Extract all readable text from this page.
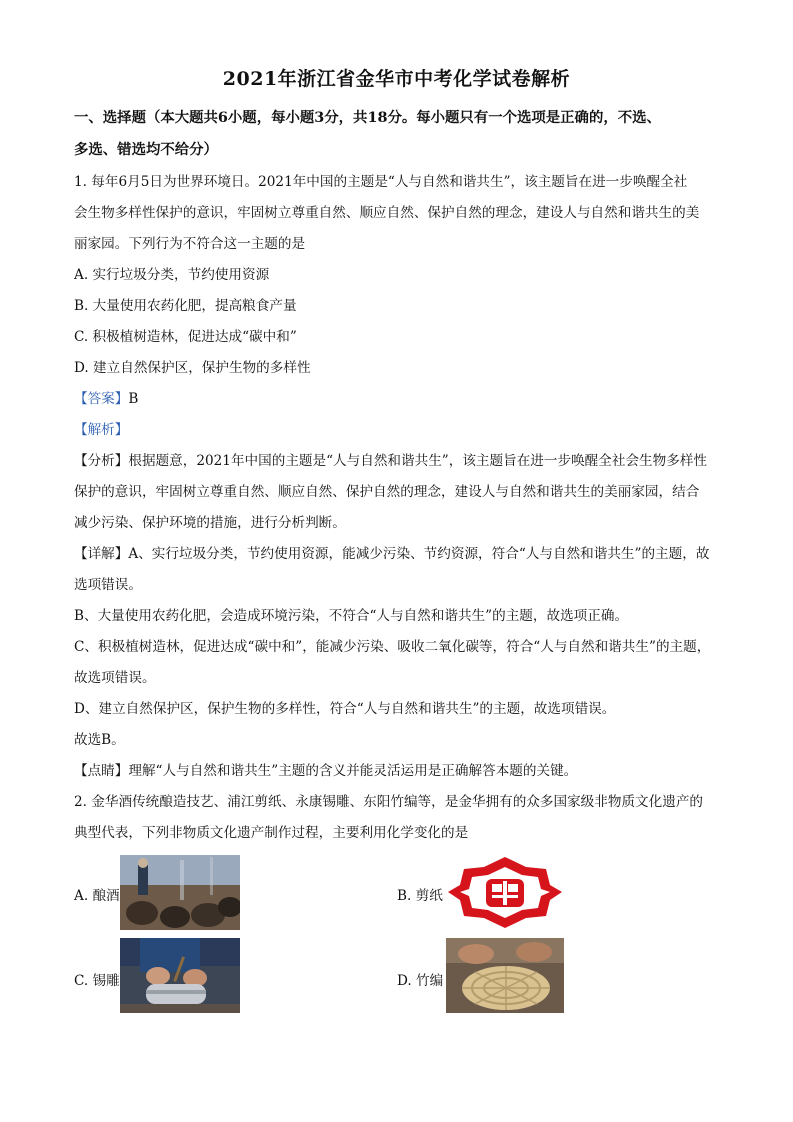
2021年浙江省金华市中考化学试卷解析
一、选择题（本大题共6小题，每小题3分，共18分。每小题只有一个选项是正确的，不选、
多选、错选均不给分）
1. 每年6月5日为世界环境日。2021年中国的主题是“人与自然和谐共生”，该主题旨在进一步唤醒全社
会生物多样性保护的意识，牢固树立尊重自然、顺应自然、保护自然的理念，建设人与自然和谐共生的美
丽家园。下列行为不符合这一主题的是
A. 实行垃圾分类，节约使用资源
B. 大量使用农药化肥，提高粮食产量
C. 积极植树造林，促进达成“碳中和”
D. 建立自然保护区，保护生物的多样性
【答案】B
【解析】
【分析】根据题意，2021年中国的主题是“人与自然和谐共生”，该主题旨在进一步唤醒全社会生物多样性
保护的意识，牢固树立尊重自然、顺应自然、保护自然的理念，建设人与自然和谐共生的美丽家园，结合
减少污染、保护环境的措施，进行分析判断。
【详解】A、实行垃圾分类，节约使用资源，能减少污染、节约资源，符合“人与自然和谐共生”的主题，故
选项错误。
B、大量使用农药化肥，会造成环境污染，不符合“人与自然和谐共生”的主题，故选项正确。
C、积极植树造林，促进达成“碳中和”，能减少污染、吸收二氧化碳等，符合“人与自然和谐共生”的主题，
故选项错误。
D、建立自然保护区，保护生物的多样性，符合“人与自然和谐共生”的主题，故选项错误。
故选B。
【点睛】理解“人与自然和谐共生”主题的含义并能灵活运用是正确解答本题的关键。
2. 金华酒传统酿造技艺、浦江剪纸、永康锡雕、东阳竹编等，是金华拥有的众多国家级非物质文化遗产的
典型代表，下列非物质文化遗产制作过程，主要利用化学变化的是
A. 酿酒	B. 剪纸
C. 锡雕	D. 竹编
